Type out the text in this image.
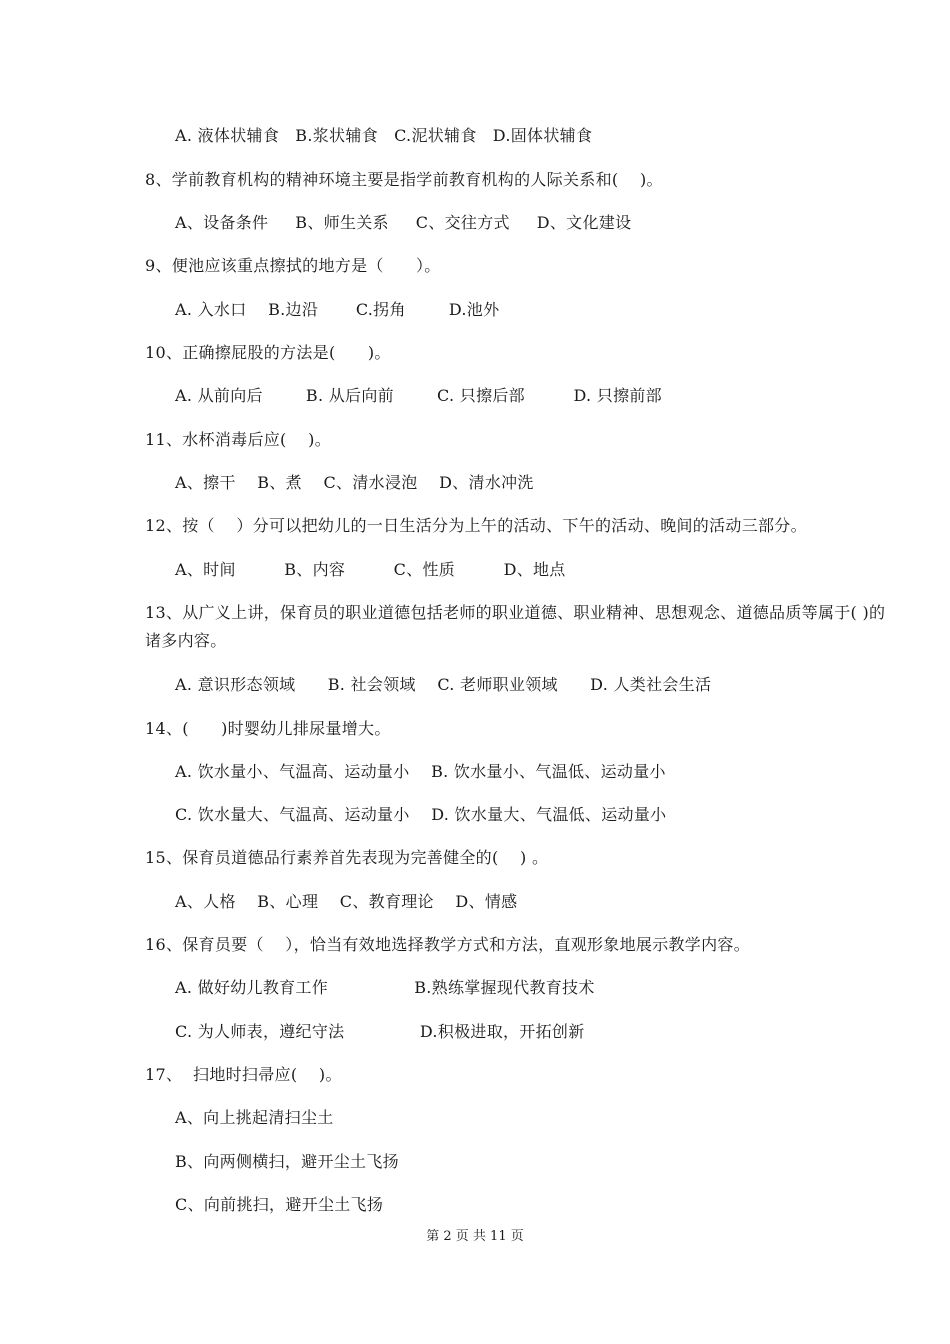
A. 液体状辅食   B.浆状辅食   C.泥状辅食   D.固体状辅食
8、学前教育机构的精神环境主要是指学前教育机构的人际关系和(    )。
A、设备条件     B、师生关系     C、交往方式     D、文化建设
9、便池应该重点擦拭的地方是（      ）。
A. 入水口    B.边沿       C.拐角        D.池外
10、正确擦屁股的方法是(      )。
A. 从前向后        B. 从后向前        C. 只擦后部         D. 只擦前部
11、水杯消毒后应(    )。
A、擦干    B、煮    C、清水浸泡    D、清水冲洗
12、按（    ）分可以把幼儿的一日生活分为上午的活动、下午的活动、晚间的活动三部分。
A、时间         B、内容         C、性质         D、地点
13、从广义上讲，保育员的职业道德包括老师的职业道德、职业精神、思想观念、道德品质等属于( )的诸多内容。
A. 意识形态领域      B. 社会领域    C. 老师职业领域      D. 人类社会生活
14、(      )时婴幼儿排尿量增大。
A. 饮水量小、气温高、运动量小    B. 饮水量小、气温低、运动量小
C. 饮水量大、气温高、运动量小    D. 饮水量大、气温低、运动量小
15、保育员道德品行素养首先表现为完善健全的(    ) 。
A、人格    B、心理    C、教育理论    D、情感
16、保育员要（    ），恰当有效地选择教学方式和方法，直观形象地展示教学内容。
A. 做好幼儿教育工作                B.熟练掌握现代教育技术
C. 为人师表，遵纪守法              D.积极进取，开拓创新
17、  扫地时扫帚应(    )。
A、向上挑起清扫尘土
B、向两侧横扫，避开尘土飞扬
C、向前挑扫，避开尘土飞扬
第 2 页 共 11 页
